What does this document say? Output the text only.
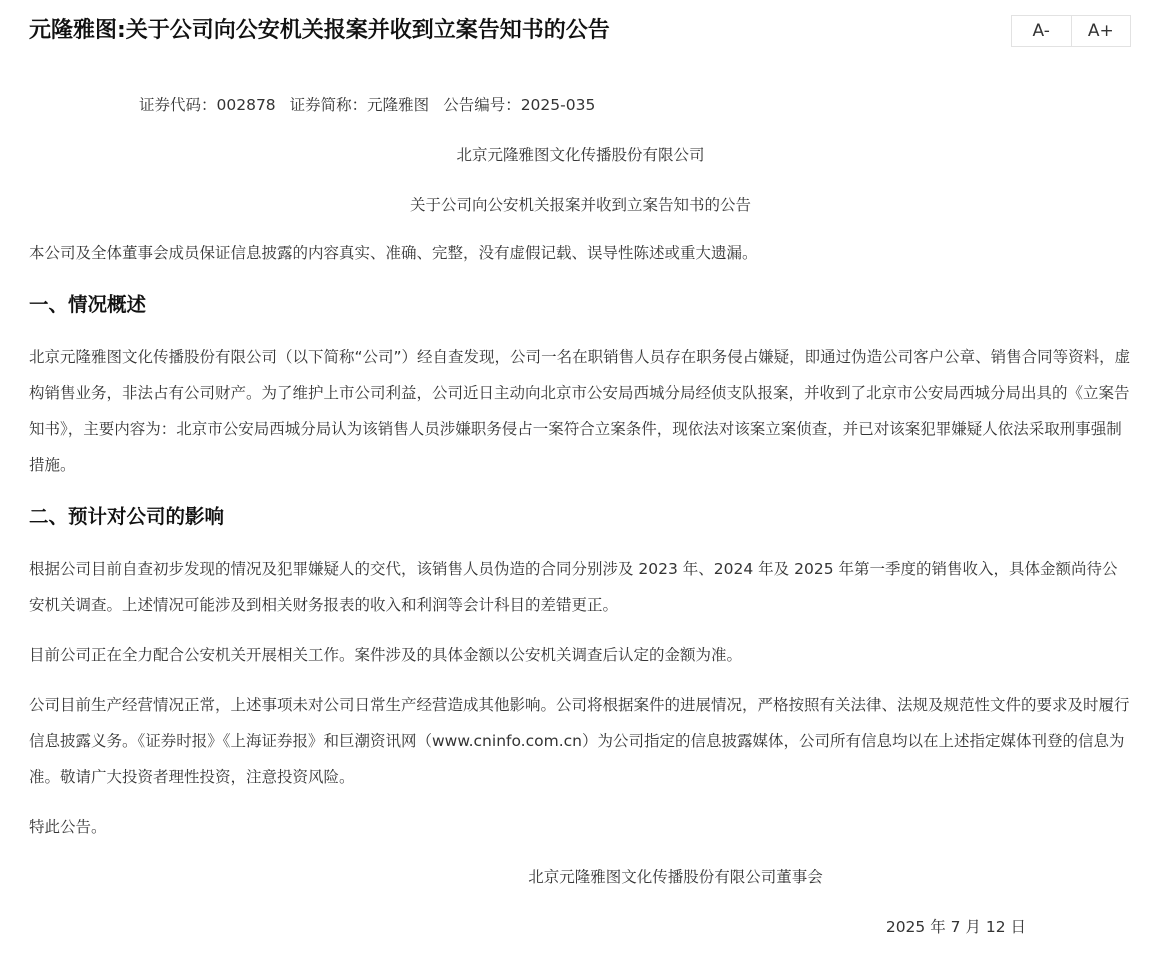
元隆雅图:关于公司向公安机关报案并收到立案告知书的公告	A-	A+

证券代码：002878 证券简称：元隆雅图 公告编号：2025-035

北京元隆雅图文化传播股份有限公司

关于公司向公安机关报案并收到立案告知书的公告

本公司及全体董事会成员保证信息披露的内容真实、准确、完整，没有虚假记载、误导性陈述或重大遗漏。

一、情况概述

北京元隆雅图文化传播股份有限公司（以下简称“公司”）经自查发现，公司一名在职销售人员存在职务侵占嫌疑，即通过伪造公司客户公章、销售合同等资料，虚构销售业务，非法占有公司财产。为了维护上市公司利益，公司近日主动向北京市公安局西城分局经侦支队报案，并收到了北京市公安局西城分局出具的《立案告知书》，主要内容为：北京市公安局西城分局认为该销售人员涉嫌职务侵占一案符合立案条件，现依法对该案立案侦查，并已对该案犯罪嫌疑人依法采取刑事强制措施。

二、预计对公司的影响

根据公司目前自查初步发现的情况及犯罪嫌疑人的交代，该销售人员伪造的合同分别涉及 2023 年、2024 年及 2025 年第一季度的销售收入，具体金额尚待公安机关调查。上述情况可能涉及到相关财务报表的收入和利润等会计科目的差错更正。

目前公司正在全力配合公安机关开展相关工作。案件涉及的具体金额以公安机关调查后认定的金额为准。

公司目前生产经营情况正常，上述事项未对公司日常生产经营造成其他影响。公司将根据案件的进展情况，严格按照有关法律、法规及规范性文件的要求及时履行信息披露义务。《证券时报》《上海证券报》和巨潮资讯网（www.cninfo.com.cn）为公司指定的信息披露媒体，公司所有信息均以在上述指定媒体刊登的信息为准。敬请广大投资者理性投资，注意投资风险。

特此公告。

北京元隆雅图文化传播股份有限公司董事会

2025 年 7 月 12 日
